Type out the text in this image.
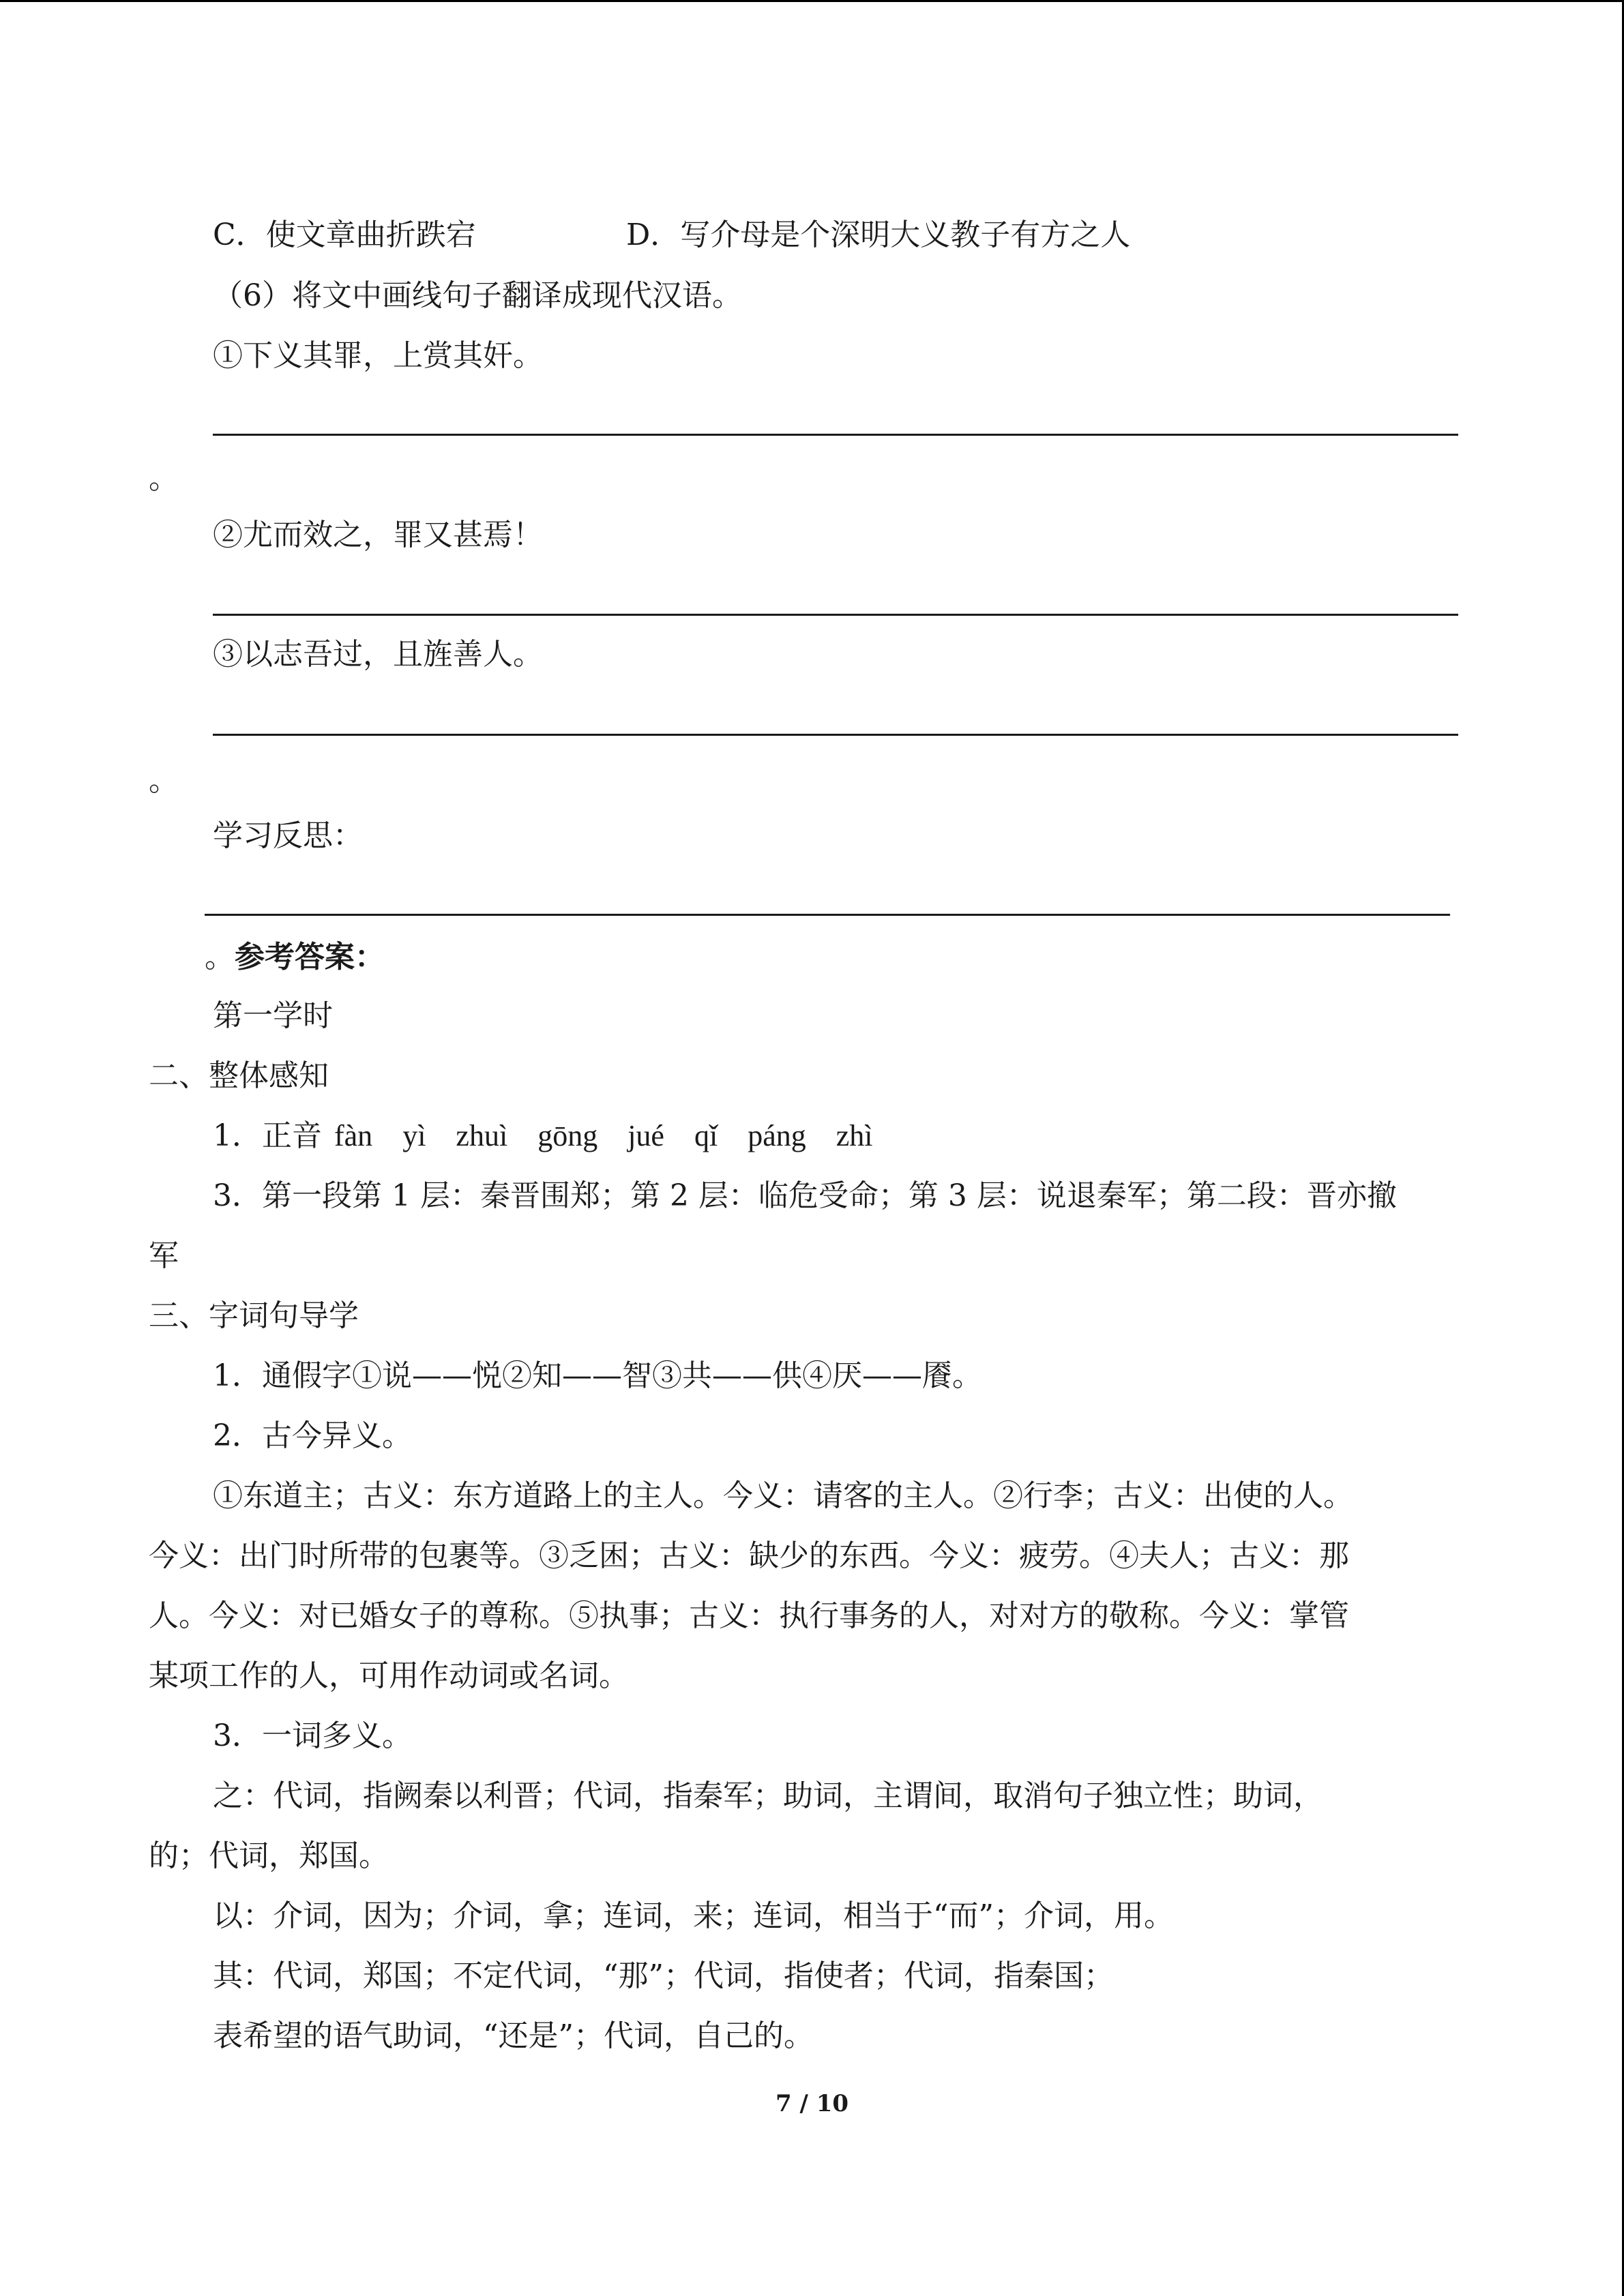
C．使文章曲折跌宕	D．写介母是个深明大义教子有方之人
（6）将文中画线句子翻译成现代汉语。
①下义其罪，上赏其奸。
。
②尤而效之，罪又甚焉！
③以志吾过，且旌善人。
。
学习反思：
。参考答案：
第一学时
二、整体感知
1．正音 fàn yì zhuì gōng jué qǐ páng zhì
3．第一段第 1 层：秦晋围郑；第 2 层：临危受命；第 3 层：说退秦军；第二段：晋亦撤
军
三、字词句导学
1．通假字①说——悦②知——智③共——供④厌——餍。
2．古今异义。
①东道主；古义：东方道路上的主人。今义：请客的主人。②行李；古义：出使的人。
今义：出门时所带的包裹等。③乏困；古义：缺少的东西。今义：疲劳。④夫人；古义：那
人。今义：对已婚女子的尊称。⑤执事；古义：执行事务的人，对对方的敬称。今义：掌管
某项工作的人，可用作动词或名词。
3．一词多义。
之：代词，指阙秦以利晋；代词，指秦军；助词，主谓间，取消句子独立性；助词，
的；代词，郑国。
以：介词，因为；介词，拿；连词，来；连词，相当于“而”；介词，用。
其：代词，郑国；不定代词，“那”；代词，指使者；代词，指秦国；
表希望的语气助词，“还是”；代词，自己的。
7 / 10
